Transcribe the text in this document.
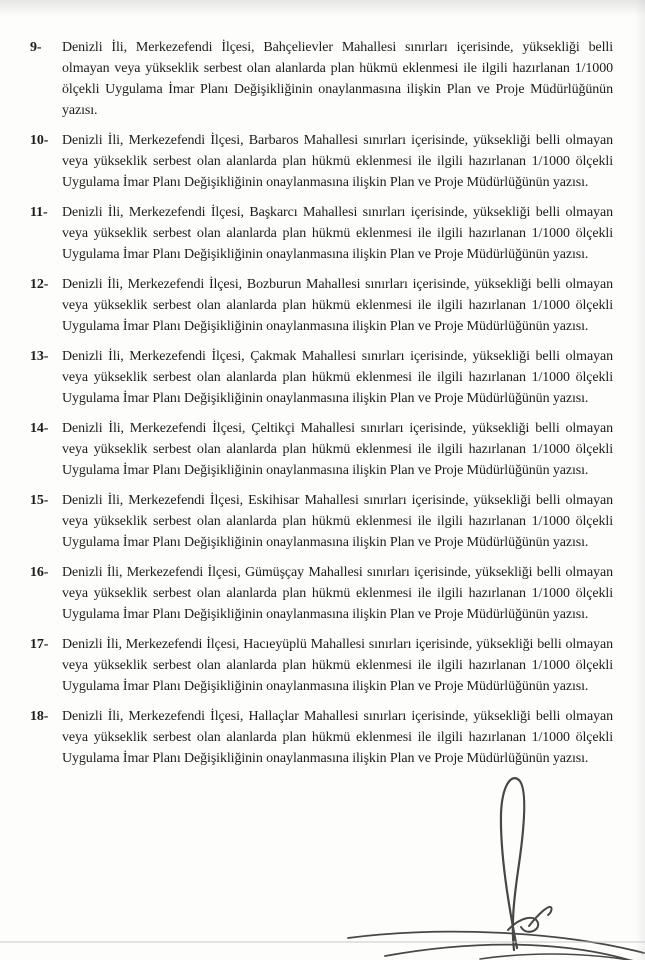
9-	Denizli İli, Merkezefendi İlçesi, Bahçelievler Mahallesi sınırları içerisinde, yüksekliği belli olmayan veya yükseklik serbest olan alanlarda plan hükmü eklenmesi ile ilgili hazırlanan 1/1000 ölçekli Uygulama İmar Planı Değişikliğinin onaylanmasına ilişkin Plan ve Proje Müdürlüğünün yazısı.
10- Denizli İli, Merkezefendi İlçesi, Barbaros Mahallesi sınırları içerisinde, yüksekliği belli olmayan veya yükseklik serbest olan alanlarda plan hükmü eklenmesi ile ilgili hazırlanan 1/1000 ölçekli Uygulama İmar Planı Değişikliğinin onaylanmasına ilişkin Plan ve Proje Müdürlüğünün yazısı.
11-	Denizli İli, Merkezefendi İlçesi, Başkarcı Mahallesi sınırları içerisinde, yüksekliği belli olmayan veya yükseklik serbest olan alanlarda plan hükmü eklenmesi ile ilgili hazırlanan 1/1000 ölçekli Uygulama İmar Planı Değişikliğinin onaylanmasına ilişkin Plan ve Proje Müdürlüğünün yazısı.
12- Denizli İli, Merkezefendi İlçesi, Bozburun Mahallesi sınırları içerisinde, yüksekliği belli olmayan veya yükseklik serbest olan alanlarda plan hükmü eklenmesi ile ilgili hazırlanan 1/1000 ölçekli Uygulama İmar Planı Değişikliğinin onaylanmasına ilişkin Plan ve Proje Müdürlüğünün yazısı.
13- Denizli İli, Merkezefendi İlçesi, Çakmak Mahallesi sınırları içerisinde, yüksekliği belli olmayan veya yükseklik serbest olan alanlarda plan hükmü eklenmesi ile ilgili hazırlanan 1/1000 ölçekli Uygulama İmar Planı Değişikliğinin onaylanmasına ilişkin Plan ve Proje Müdürlüğünün yazısı.
14- Denizli İli, Merkezefendi İlçesi, Çeltikçi Mahallesi sınırları içerisinde, yüksekliği belli olmayan veya yükseklik serbest olan alanlarda plan hükmü eklenmesi ile ilgili hazırlanan 1/1000 ölçekli Uygulama İmar Planı Değişikliğinin onaylanmasına ilişkin Plan ve Proje Müdürlüğünün yazısı.
15- Denizli İli, Merkezefendi İlçesi, Eskihisar Mahallesi sınırları içerisinde, yüksekliği belli olmayan veya yükseklik serbest olan alanlarda plan hükmü eklenmesi ile ilgili hazırlanan 1/1000 ölçekli Uygulama İmar Planı Değişikliğinin onaylanmasına ilişkin Plan ve Proje Müdürlüğünün yazısı.
16- Denizli İli, Merkezefendi İlçesi, Gümüşçay Mahallesi sınırları içerisinde, yüksekliği belli olmayan veya yükseklik serbest olan alanlarda plan hükmü eklenmesi ile ilgili hazırlanan 1/1000 ölçekli Uygulama İmar Planı Değişikliğinin onaylanmasına ilişkin Plan ve Proje Müdürlüğünün yazısı.
17- Denizli İli, Merkezefendi İlçesi, Hacıeyüplü Mahallesi sınırları içerisinde, yüksekliği belli olmayan veya yükseklik serbest olan alanlarda plan hükmü eklenmesi ile ilgili hazırlanan 1/1000 ölçekli Uygulama İmar Planı Değişikliğinin onaylanmasına ilişkin Plan ve Proje Müdürlüğünün yazısı.
18- Denizli İli, Merkezefendi İlçesi, Hallaçlar Mahallesi sınırları içerisinde, yüksekliği belli olmayan veya yükseklik serbest olan alanlarda plan hükmü eklenmesi ile ilgili hazırlanan 1/1000 ölçekli Uygulama İmar Planı Değişikliğinin onaylanmasına ilişkin Plan ve Proje Müdürlüğünün yazısı.
